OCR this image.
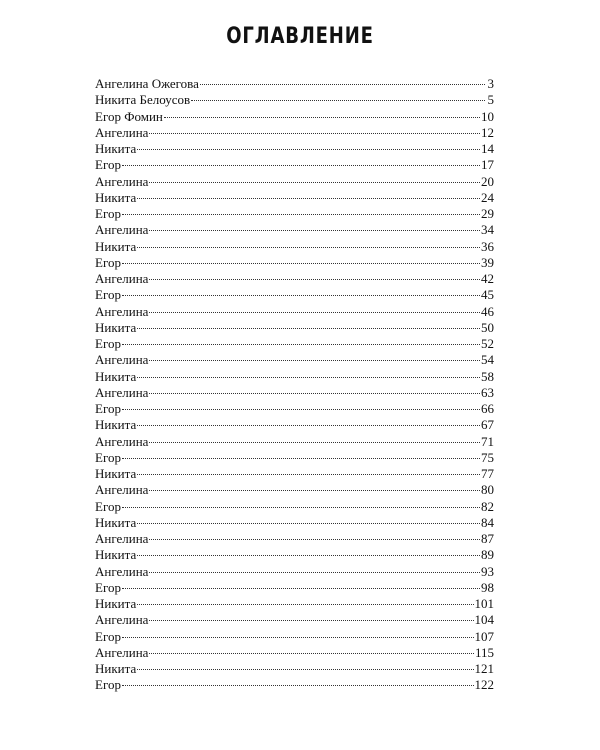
ОГЛАВЛЕНИЕ
Ангелина Ожегова	3
Никита Белоусов	5
Егор Фомин	10
Ангелина	12
Никита	14
Егор	17
Ангелина	20
Никита	24
Егор	29
Ангелина	34
Никита	36
Егор	39
Ангелина	42
Егор	45
Ангелина	46
Никита	50
Егор	52
Ангелина	54
Никита	58
Ангелина	63
Егор	66
Никита	67
Ангелина	71
Егор	75
Никита	77
Ангелина	80
Егор	82
Никита	84
Ангелина	87
Никита	89
Ангелина	93
Егор	98
Никита	101
Ангелина	104
Егор	107
Ангелина	115
Никита	121
Егор	122
